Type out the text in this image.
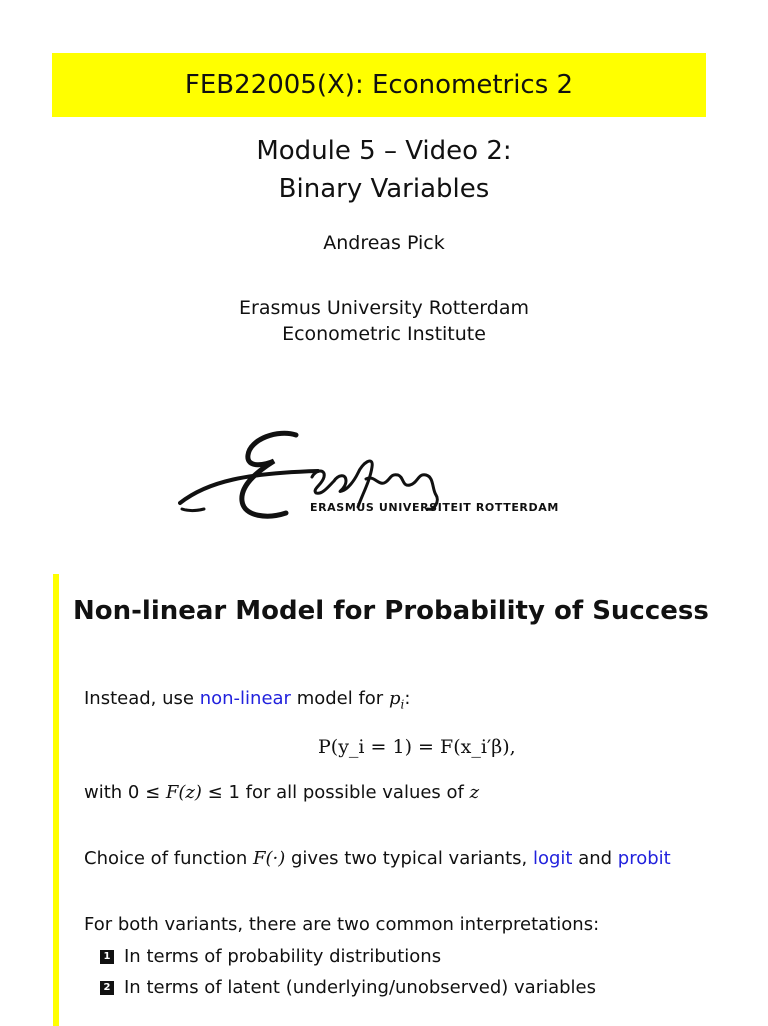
FEB22005(X): Econometrics 2
Module 5 – Video 2:
Binary Variables
Andreas Pick
Erasmus University Rotterdam
Econometric Institute
ERASMUS UNIVERSITEIT ROTTERDAM
Non-linear Model for Probability of Success
Instead, use non-linear model for $p_i$:
P(y_i = 1) = F(x_i′β),
with 0 ≤ F(z) ≤ 1 for all possible values of z
Choice of function F(·) gives two typical variants, logit and probit
For both variants, there are two common interpretations:
1 In terms of probability distributions
2 In terms of latent (underlying/unobserved) variables
